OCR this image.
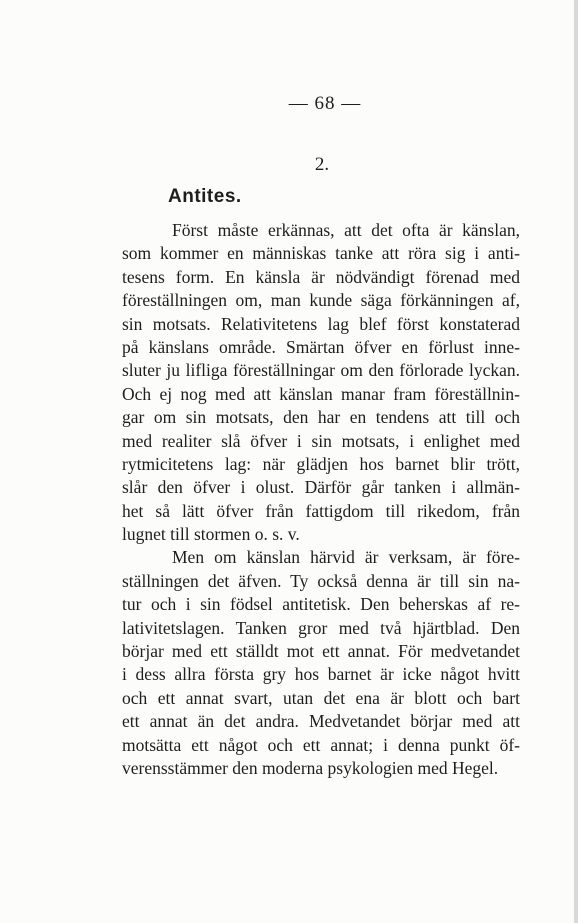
— 68 —
2.
Antites.
Först måste erkännas, att det ofta är känslan,
som kommer en människas tanke att röra sig i anti-
tesens form. En känsla är nödvändigt förenad med
föreställningen om, man kunde säga förkänningen af,
sin motsats. Relativitetens lag blef först konstaterad
på känslans område. Smärtan öfver en förlust inne-
sluter ju lifliga föreställningar om den förlorade lyckan.
Och ej nog med att känslan manar fram föreställnin-
gar om sin motsats, den har en tendens att till och
med realiter slå öfver i sin motsats, i enlighet med
rytmicitetens lag: när glädjen hos barnet blir trött,
slår den öfver i olust. Därför går tanken i allmän-
het så lätt öfver från fattigdom till rikedom, från
lugnet till stormen o. s. v.
Men om känslan härvid är verksam, är före-
ställningen det äfven. Ty också denna är till sin na-
tur och i sin födsel antitetisk. Den beherskas af re-
lativitetslagen. Tanken gror med två hjärtblad. Den
börjar med ett ställdt mot ett annat. För medvetandet
i dess allra första gry hos barnet är icke något hvitt
och ett annat svart, utan det ena är blott och bart
ett annat än det andra. Medvetandet börjar med att
motsätta ett något och ett annat; i denna punkt öf-
verensstämmer den moderna psykologien med Hegel.
